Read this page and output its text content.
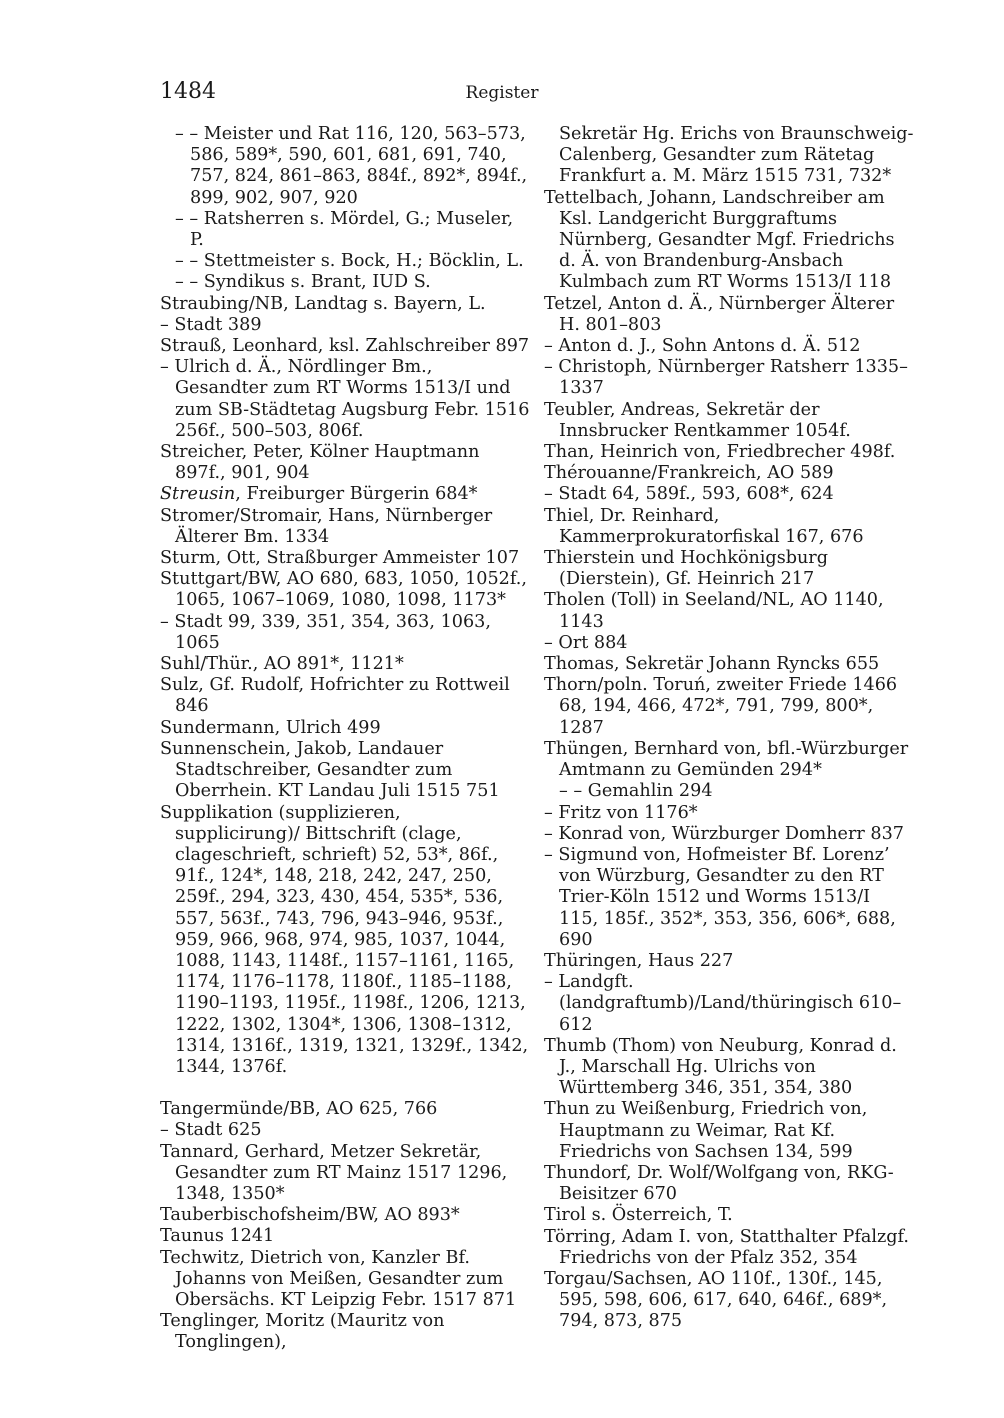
1484	Register

– – Meister und Rat 116, 120, 563–573, 586, 589*, 590, 601, 681, 691, 740, 757, 824, 861–863, 884f., 892*, 894f., 899, 902, 907, 920

– – Ratsherren s. Mördel, G.; Museler, P.

– – Stettmeister s. Bock, H.; Böcklin, L.

– – Syndikus s. Brant, IUD S.

Straubing/NB, Landtag s. Bayern, L.

– Stadt 389

Strauß, Leonhard, ksl. Zahlschreiber 897

– Ulrich d. Ä., Nördlinger Bm., Gesandter zum RT Worms 1513/I und zum SB-Städtetag Augsburg Febr. 1516 256f., 500–503, 806f.

Streicher, Peter, Kölner Hauptmann 897f., 901, 904

Streusin, Freiburger Bürgerin 684*

Stromer/Stromair, Hans, Nürnberger Älterer Bm. 1334

Sturm, Ott, Straßburger Ammeister 107

Stuttgart/BW, AO 680, 683, 1050, 1052f., 1065, 1067–1069, 1080, 1098, 1173*

– Stadt 99, 339, 351, 354, 363, 1063, 1065

Suhl/Thür., AO 891*, 1121*

Sulz, Gf. Rudolf, Hofrichter zu Rottweil 846

Sundermann, Ulrich 499

Sunnenschein, Jakob, Landauer Stadtschreiber, Gesandter zum Oberrhein. KT Landau Juli 1515 751

Supplikation (supplizieren, supplicirung)/ Bittschrift (clage, clageschrieft, schrieft) 52, 53*, 86f., 91f., 124*, 148, 218, 242, 247, 250, 259f., 294, 323, 430, 454, 535*, 536, 557, 563f., 743, 796, 943–946, 953f., 959, 966, 968, 974, 985, 1037, 1044, 1088, 1143, 1148f., 1157–1161, 1165, 1174, 1176–1178, 1180f., 1185–1188, 1190–1193, 1195f., 1198f., 1206, 1213, 1222, 1302, 1304*, 1306, 1308–1312, 1314, 1316f., 1319, 1321, 1329f., 1342, 1344, 1376f.

Tangermünde/BB, AO 625, 766

– Stadt 625

Tannard, Gerhard, Metzer Sekretär, Gesandter zum RT Mainz 1517 1296, 1348, 1350*

Tauberbischofsheim/BW, AO 893*

Taunus 1241

Techwitz, Dietrich von, Kanzler Bf. Johanns von Meißen, Gesandter zum Obersächs. KT Leipzig Febr. 1517 871

Tenglinger, Moritz (Mauritz von Tonglingen),

Sekretär Hg. Erichs von Braunschweig-Calenberg, Gesandter zum Rätetag Frankfurt a. M. März 1515 731, 732*

Tettelbach, Johann, Landschreiber am Ksl. Landgericht Burggraftums Nürnberg, Gesandter Mgf. Friedrichs d. Ä. von Brandenburg-Ansbach Kulmbach zum RT Worms 1513/I 118

Tetzel, Anton d. Ä., Nürnberger Älterer H. 801–803

– Anton d. J., Sohn Antons d. Ä. 512

– Christoph, Nürnberger Ratsherr 1335–1337

Teubler, Andreas, Sekretär der Innsbrucker Rentkammer 1054f.

Than, Heinrich von, Friedbrecher 498f.

Thérouanne/Frankreich, AO 589

– Stadt 64, 589f., 593, 608*, 624

Thiel, Dr. Reinhard, Kammerprokuratorfiskal 167, 676

Thierstein und Hochkönigsburg (Dierstein), Gf. Heinrich 217

Tholen (Toll) in Seeland/NL, AO 1140, 1143

– Ort 884

Thomas, Sekretär Johann Ryncks 655

Thorn/poln. Toruń, zweiter Friede 1466 68, 194, 466, 472*, 791, 799, 800*, 1287

Thüngen, Bernhard von, bfl.-Würzburger Amtmann zu Gemünden 294*

– – Gemahlin 294

– Fritz von 1176*

– Konrad von, Würzburger Domherr 837

– Sigmund von, Hofmeister Bf. Lorenz’ von Würzburg, Gesandter zu den RT Trier-Köln 1512 und Worms 1513/I 115, 185f., 352*, 353, 356, 606*, 688, 690

Thüringen, Haus 227

– Landgft. (landgraftumb)/Land/thüringisch 610–612

Thumb (Thom) von Neuburg, Konrad d. J., Marschall Hg. Ulrichs von Württemberg 346, 351, 354, 380

Thun zu Weißenburg, Friedrich von, Hauptmann zu Weimar, Rat Kf. Friedrichs von Sachsen 134, 599

Thundorf, Dr. Wolf/Wolfgang von, RKG-Beisitzer 670

Tirol s. Österreich, T.

Törring, Adam I. von, Statthalter Pfalzgf. Friedrichs von der Pfalz 352, 354

Torgau/Sachsen, AO 110f., 130f., 145, 595, 598, 606, 617, 640, 646f., 689*, 794, 873, 875
